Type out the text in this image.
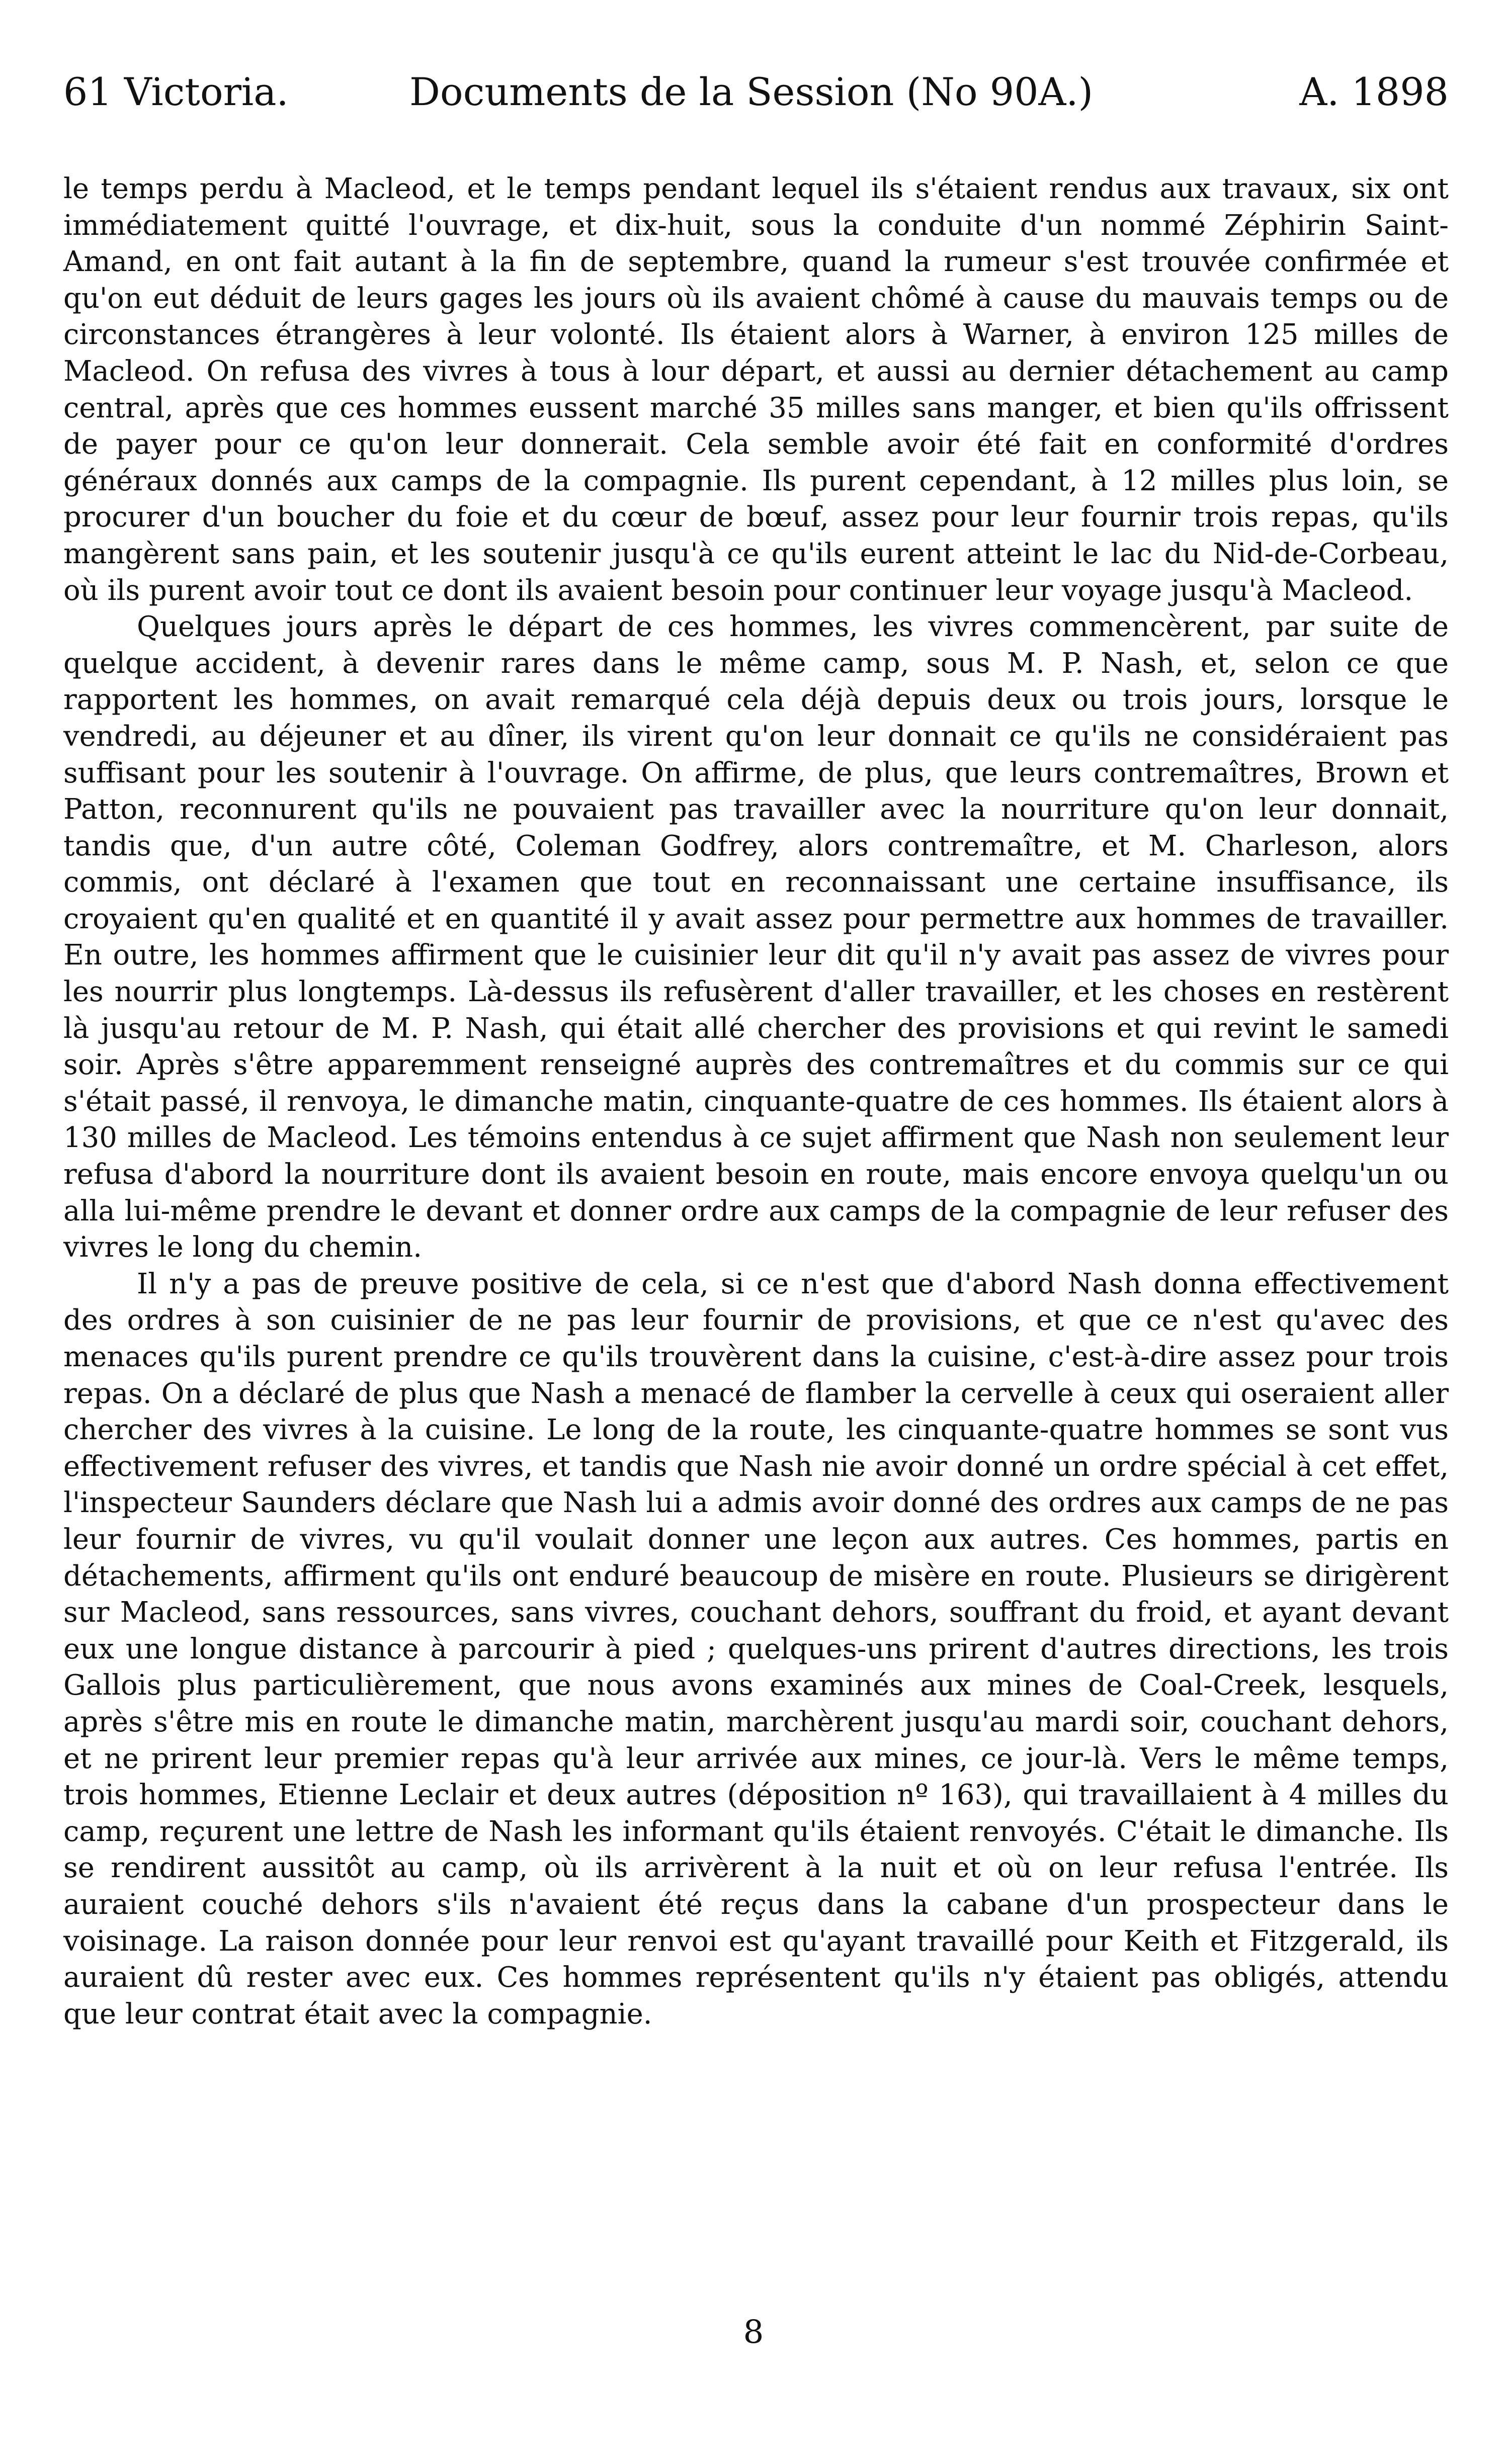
61 Victoria.	Documents de la Session (No 90A.)	A. 1898

le temps perdu à Macleod, et le temps pendant lequel ils s'étaient rendus aux travaux, six ont immédiatement quitté l'ouvrage, et dix-huit, sous la conduite d'un nommé Zéphirin Saint-Amand, en ont fait autant à la fin de septembre, quand la rumeur s'est trouvée confirmée et qu'on eut déduit de leurs gages les jours où ils avaient chômé à cause du mauvais temps ou de circonstances étrangères à leur volonté. Ils étaient alors à Warner, à environ 125 milles de Macleod. On refusa des vivres à tous à lour départ, et aussi au dernier détachement au camp central, après que ces hommes eussent marché 35 milles sans manger, et bien qu'ils offrissent de payer pour ce qu'on leur donnerait. Cela semble avoir été fait en conformité d'ordres généraux donnés aux camps de la compagnie. Ils purent cependant, à 12 milles plus loin, se procurer d'un boucher du foie et du cœur de bœuf, assez pour leur fournir trois repas, qu'ils mangèrent sans pain, et les soutenir jusqu'à ce qu'ils eurent atteint le lac du Nid-de-Corbeau, où ils purent avoir tout ce dont ils avaient besoin pour continuer leur voyage jusqu'à Macleod.

Quelques jours après le départ de ces hommes, les vivres commencèrent, par suite de quelque accident, à devenir rares dans le même camp, sous M. P. Nash, et, selon ce que rapportent les hommes, on avait remarqué cela déjà depuis deux ou trois jours, lorsque le vendredi, au déjeuner et au dîner, ils virent qu'on leur donnait ce qu'ils ne considéraient pas suffisant pour les soutenir à l'ouvrage. On affirme, de plus, que leurs contremaîtres, Brown et Patton, reconnurent qu'ils ne pouvaient pas travailler avec la nourriture qu'on leur donnait, tandis que, d'un autre côté, Coleman Godfrey, alors contremaître, et M. Charleson, alors commis, ont déclaré à l'examen que tout en reconnaissant une certaine insuffisance, ils croyaient qu'en qualité et en quantité il y avait assez pour permettre aux hommes de travailler. En outre, les hommes affirment que le cuisinier leur dit qu'il n'y avait pas assez de vivres pour les nourrir plus longtemps. Là-dessus ils refusèrent d'aller travailler, et les choses en restèrent là jusqu'au retour de M. P. Nash, qui était allé chercher des provisions et qui revint le samedi soir. Après s'être apparemment renseigné auprès des contremaîtres et du commis sur ce qui s'était passé, il renvoya, le dimanche matin, cinquante-quatre de ces hommes. Ils étaient alors à 130 milles de Macleod. Les témoins entendus à ce sujet affirment que Nash non seulement leur refusa d'abord la nourriture dont ils avaient besoin en route, mais encore envoya quelqu'un ou alla lui-même prendre le devant et donner ordre aux camps de la compagnie de leur refuser des vivres le long du chemin.

Il n'y a pas de preuve positive de cela, si ce n'est que d'abord Nash donna effectivement des ordres à son cuisinier de ne pas leur fournir de provisions, et que ce n'est qu'avec des menaces qu'ils purent prendre ce qu'ils trouvèrent dans la cuisine, c'est-à-dire assez pour trois repas. On a déclaré de plus que Nash a menacé de flamber la cervelle à ceux qui oseraient aller chercher des vivres à la cuisine. Le long de la route, les cinquante-quatre hommes se sont vus effectivement refuser des vivres, et tandis que Nash nie avoir donné un ordre spécial à cet effet, l'inspecteur Saunders déclare que Nash lui a admis avoir donné des ordres aux camps de ne pas leur fournir de vivres, vu qu'il voulait donner une leçon aux autres. Ces hommes, partis en détachements, affirment qu'ils ont enduré beaucoup de misère en route. Plusieurs se dirigèrent sur Macleod, sans ressources, sans vivres, couchant dehors, souffrant du froid, et ayant devant eux une longue distance à parcourir à pied ; quelques-uns prirent d'autres directions, les trois Gallois plus particulièrement, que nous avons examinés aux mines de Coal-Creek, lesquels, après s'être mis en route le dimanche matin, marchèrent jusqu'au mardi soir, couchant dehors, et ne prirent leur premier repas qu'à leur arrivée aux mines, ce jour-là. Vers le même temps, trois hommes, Etienne Leclair et deux autres (déposition nº 163), qui travaillaient à 4 milles du camp, reçurent une lettre de Nash les informant qu'ils étaient renvoyés. C'était le dimanche. Ils se rendirent aussitôt au camp, où ils arrivèrent à la nuit et où on leur refusa l'entrée. Ils auraient couché dehors s'ils n'avaient été reçus dans la cabane d'un prospecteur dans le voisinage. La raison donnée pour leur renvoi est qu'ayant travaillé pour Keith et Fitzgerald, ils auraient dû rester avec eux. Ces hommes représentent qu'ils n'y étaient pas obligés, attendu que leur contrat était avec la compagnie.

8
